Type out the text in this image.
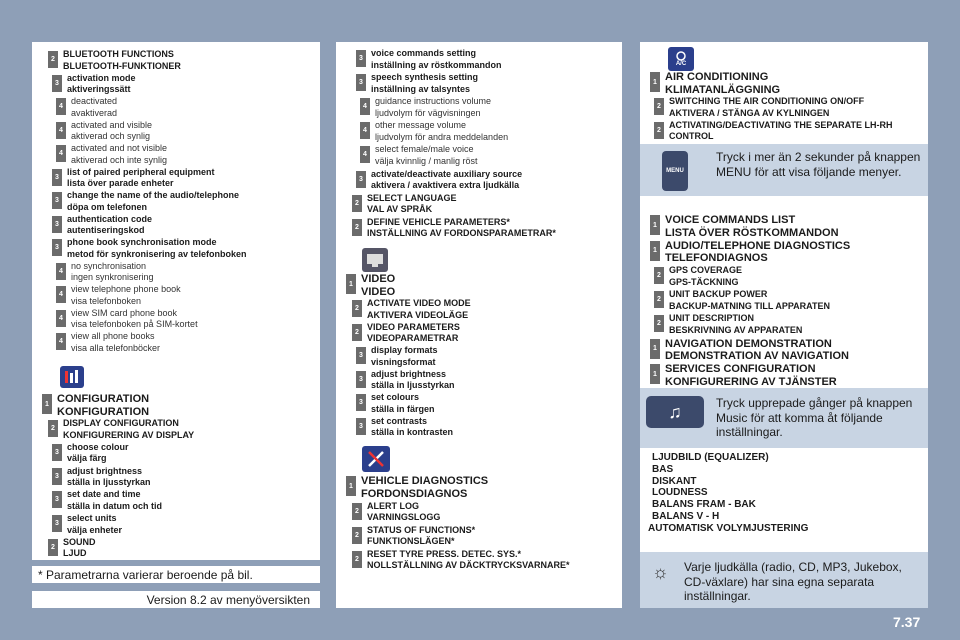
2
BLUETOOTH FUNCTIONS
BLUETOOTH-FUNKTIONER
3
activation mode
aktiveringssätt
4
deactivated
avaktiverad
4
activated and visible
aktiverad och synlig
4
activated and not visible
aktiverad och inte synlig
3
list of paired peripheral equipment
lista över parade enheter
3
change the name of the audio/telephone
döpa om telefonen
3
authentication code
autentiseringskod
3
phone book synchronisation mode
metod för synkronisering av telefonboken
4
no synchronisation
ingen synkronisering
4
view telephone phone book
visa telefonboken
4
view SIM card phone book
visa telefonboken på SIM-kortet
4
view all phone books
visa alla telefonböcker
1 CONFIGURATION
KONFIGURATION
2
DISPLAY CONFIGURATION
KONFIGURERING AV DISPLAY
3
choose colour
välja färg
3
adjust brightness
ställa in ljusstyrkan
3
set date and time
ställa in datum och tid
3
select units
välja enheter
2
SOUND
LJUD
* Parametrarna varierar beroende på bil.
Version 8.2 av menyöversikten
3
voice commands setting
inställning av röstkommandon
3
speech synthesis setting
inställning av talsyntes
4
guidance instructions volume
ljudvolym för vägvisningen
4
other message volume
ljudvolym för andra meddelanden
4
select female/male voice
välja kvinnlig / manlig röst
3
activate/deactivate auxiliary source
aktivera / avaktivera extra ljudkälla
2
SELECT LANGUAGE
VAL AV SPRÅK
2
DEFINE VEHICLE PARAMETERS*
INSTÄLLNING AV FORDONSPARAMETRAR*
1 VIDEO
VIDEO
2
ACTIVATE VIDEO MODE
AKTIVERA VIDEOLÄGE
2
VIDEO PARAMETERS
VIDEOPARAMETRAR
3
display formats
visningsformat
3
adjust brightness
ställa in ljusstyrkan
3
set colours
ställa in färgen
3
set contrasts
ställa in kontrasten
1 VEHICLE DIAGNOSTICS
FORDONSDIAGNOS
2
ALERT LOG
VARNINGSLOGG
2
STATUS OF FUNCTIONS*
FUNKTIONSLÄGEN*
2
RESET TYRE PRESS. DETEC. SYS.*
NOLLSTÄLLNING AV DÄCKTRYCKSVARNARE*
A/C
1 AIR CONDITIONING
KLIMATANLÄGGNING
2
SWITCHING THE AIR CONDITIONING ON/OFF
AKTIVERA / STÄNGA AV KYLNINGEN
2
ACTIVATING/DEACTIVATING THE SEPARATE LH-RH CONTROL
MENU
Tryck i mer än 2 sekunder på knappen MENU för att visa följande menyer.
1 VOICE COMMANDS LIST
LISTA ÖVER RÖSTKOMMANDON
1 AUDIO/TELEPHONE DIAGNOSTICS
TELEFONDIAGNOS
2
GPS COVERAGE
GPS-TÄCKNING
2
UNIT BACKUP POWER
BACKUP-MATNING TILL APPARATEN
2
UNIT DESCRIPTION
BESKRIVNING AV APPARATEN
1 NAVIGATION DEMONSTRATION
DEMONSTRATION AV NAVIGATION
1 SERVICES CONFIGURATION
KONFIGURERING AV TJÄNSTER
♫	Tryck upprepade gånger på knappen Music för att komma åt följande inställningar.
LJUDBILD (EQUALIZER)
BAS
DISKANT
LOUDNESS
BALANS FRAM - BAK
BALANS V - H
AUTOMATISK VOLYMJUSTERING
☼ Varje ljudkälla (radio, CD, MP3, Jukebox, CD-växlare) har sina egna separata inställningar.
7.37
